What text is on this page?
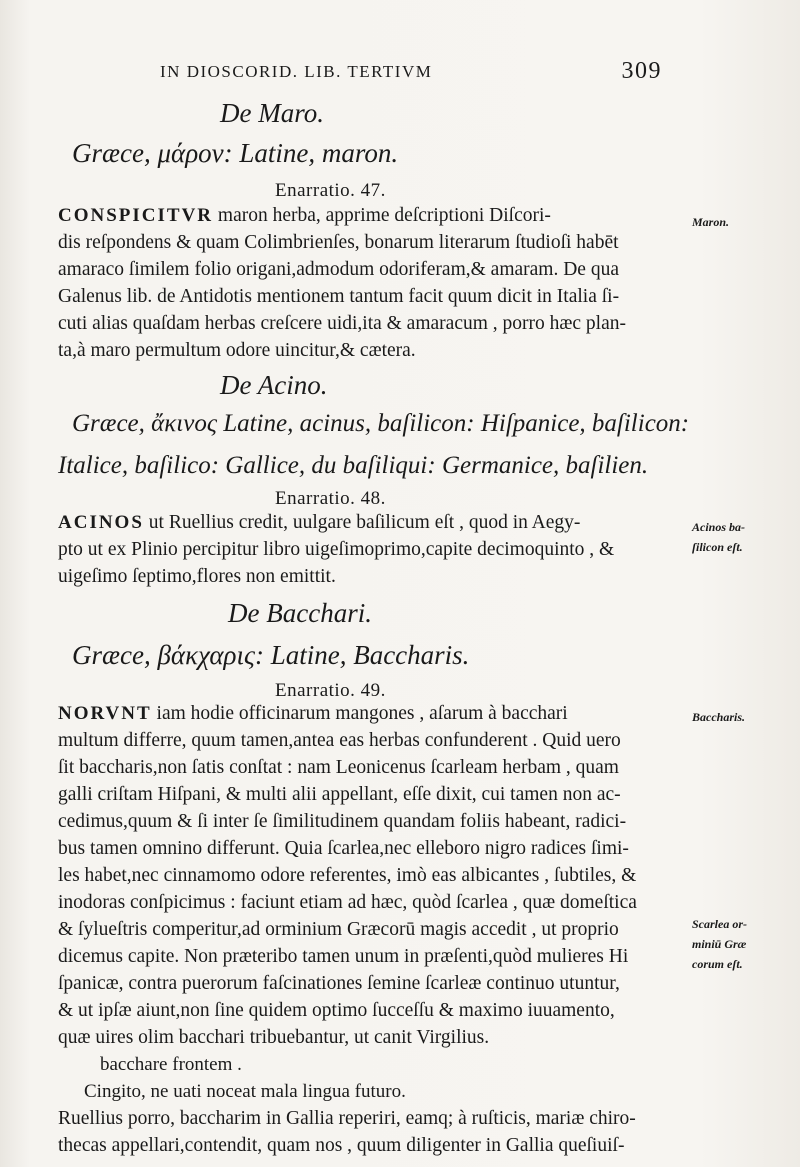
IN DIOSCORID. LIB. TERTIVM	309
De Maro.
Græce, μάρον: Latine, maron.
Enarratio. 47.
CONSPICITVR maron herba, apprime deſcriptioni Diſcori-
dis reſpondens & quam Colimbrienſes, bonarum literarum ſtudioſi habēt
amaraco ſimilem folio origani,admodum odoriferam,& amaram. De qua
Galenus lib. de Antidotis mentionem tantum facit quum dicit in Italia ſi-
cuti alias quaſdam herbas creſcere uidi,ita & amaracum , porro hæc plan-
ta,à maro permultum odore uincitur,& cætera.
De Acino.
Græce, ἄκινος Latine, acinus, baſilicon: Hiſpanice, baſilicon:
Italice, baſilico: Gallice, du baſiliqui: Germanice, baſilien.
Enarratio. 48.
ACINOS ut Ruellius credit, uulgare baſilicum eſt , quod in Aegy-
pto ut ex Plinio percipitur libro uigeſimoprimo,capite decimoquinto , &
uigeſimo ſeptimo,flores non emittit.
De Bacchari.
Græce, βάκχαρις: Latine, Baccharis.
Enarratio. 49.
NORVNT iam hodie officinarum mangones , aſarum à bacchari
multum differre, quum tamen,antea eas herbas confunderent . Quid uero
ſit baccharis,non ſatis conſtat : nam Leonicenus ſcarleam herbam , quam
galli criſtam Hiſpani, & multi alii appellant, eſſe dixit, cui tamen non ac-
cedimus,quum & ſi inter ſe ſimilitudinem quandam foliis habeant, radici-
bus tamen omnino differunt. Quia ſcarlea,nec elleboro nigro radices ſimi-
les habet,nec cinnamomo odore referentes, imò eas albicantes , ſubtiles, &
inodoras conſpicimus : faciunt etiam ad hæc, quòd ſcarlea , quæ domeſtica
& ſylueſtris comperitur,ad orminium Græcorū magis accedit , ut proprio
dicemus capite. Non præteribo tamen unum in præſenti,quòd mulieres Hi
ſpanicæ, contra puerorum faſcinationes ſemine ſcarleæ continuo utuntur,
& ut ipſæ aiunt,non ſine quidem optimo ſucceſſu & maximo iuuamento,
quæ uires olim bacchari tribuebantur, ut canit Virgilius.
bacchare frontem .
Cingito, ne uati noceat mala lingua futuro.
Ruellius porro, baccharim in Gallia reperiri, eamq; à ruſticis, mariæ chiro-
thecas appellari,contendit, quam nos , quum diligenter in Gallia queſiuiſ-
Maron.
Acinos ba-
ſilicon eſt.
Baccharis.
Scarlea or-
miniū Græ
corum eſt.
